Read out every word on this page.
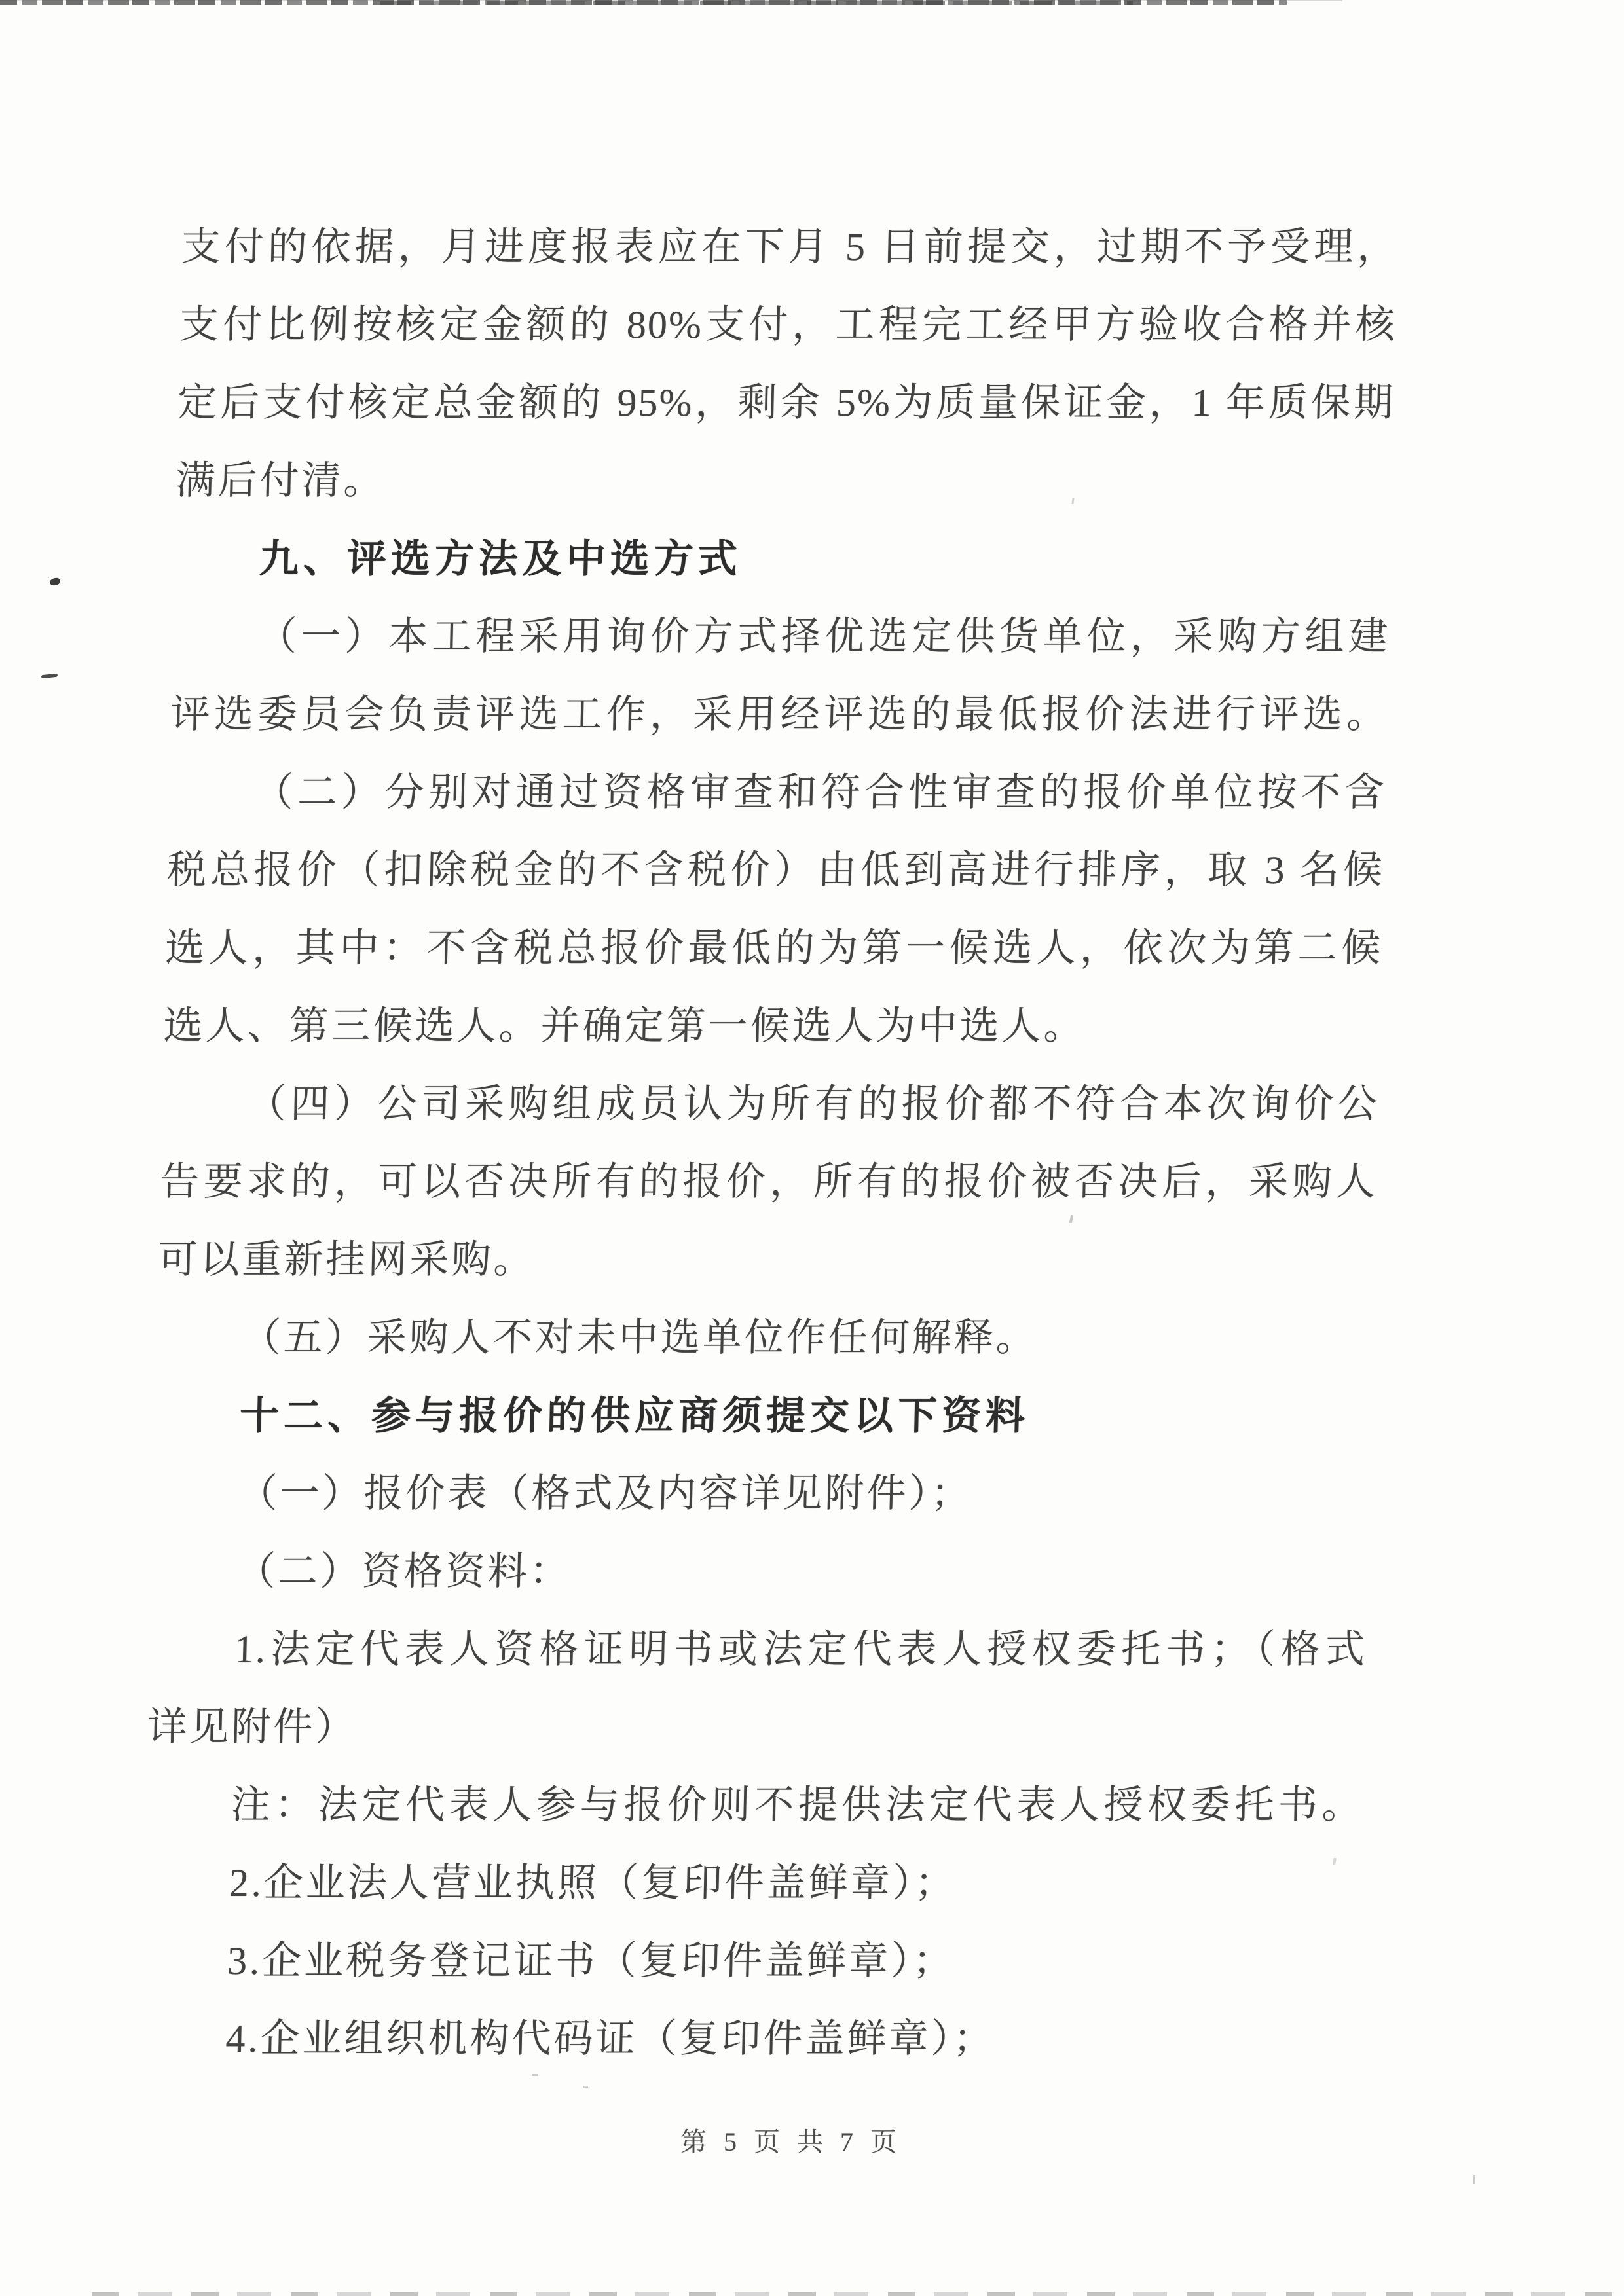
支付的依据，月进度报表应在下月 5 日前提交，过期不予受理，
支付比例按核定金额的 80%支付，工程完工经甲方验收合格并核
定后支付核定总金额的 95%，剩余 5%为质量保证金，1 年质保期
满后付清。
九、评选方法及中选方式
（一）本工程采用询价方式择优选定供货单位，采购方组建
评选委员会负责评选工作，采用经评选的最低报价法进行评选。
（二）分别对通过资格审查和符合性审查的报价单位按不含
税总报价（扣除税金的不含税价）由低到高进行排序，取 3 名候
选人，其中：不含税总报价最低的为第一候选人，依次为第二候
选人、第三候选人。并确定第一候选人为中选人。
（四）公司采购组成员认为所有的报价都不符合本次询价公
告要求的，可以否决所有的报价，所有的报价被否决后，采购人
可以重新挂网采购。
（五）采购人不对未中选单位作任何解释。
十二、参与报价的供应商须提交以下资料
（一）报价表（格式及内容详见附件）；
（二）资格资料：
1.法定代表人资格证明书或法定代表人授权委托书；（格式
详见附件）
注：法定代表人参与报价则不提供法定代表人授权委托书。
2.企业法人营业执照（复印件盖鲜章）；
3.企业税务登记证书（复印件盖鲜章）；
4.企业组织机构代码证（复印件盖鲜章）；
第 5 页 共 7 页
